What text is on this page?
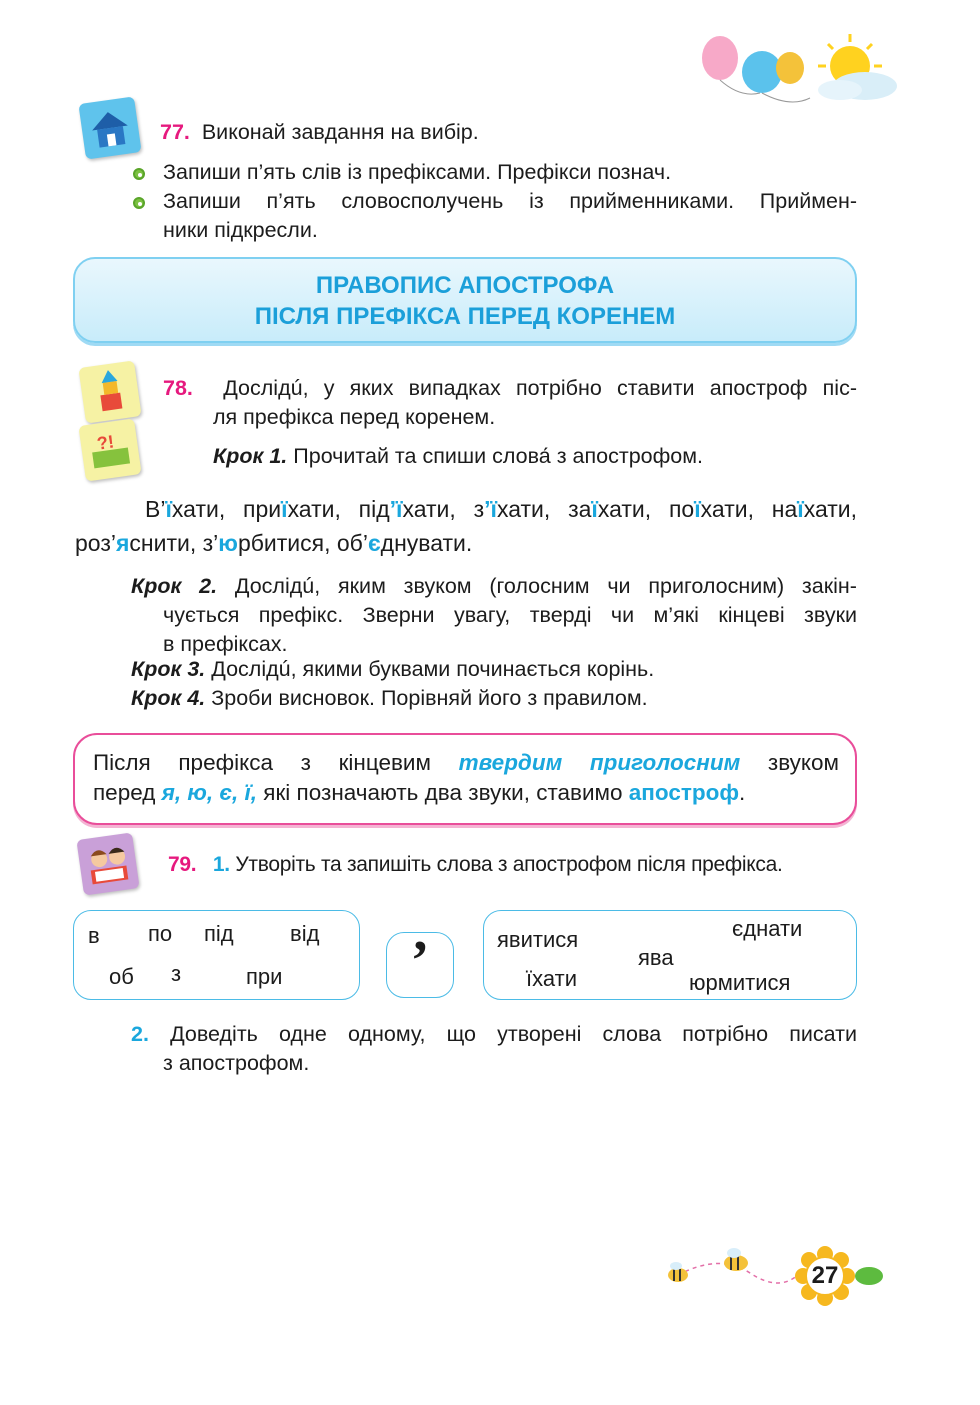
77. Виконай завдання на вибір.
Запиши п’ять слів із префіксами. Префікси познач.
Запиши п’ять словосполучень із прийменниками. Приймен-
ники підкресли.
ПРАВОПИС АПОСТРОФА
ПІСЛЯ ПРЕФІКСА ПЕРЕД КОРЕНЕМ
?!
78. Дослідú, у яких випадках потрібно ставити апостроф піс-
ля префікса перед коренем.
Крок 1. Прочитай та спиши слова́ з апострофом.
В’їхати, приїхати, під’їхати, з’їхати, заїхати, поїхати, наїхати, роз’яснити, з’юрбитися, об’єднувати.
Крок 2. Дослідú, яким звуком (голосним чи приголосним) закін-
чується префікс. Зверни увагу, тверді чи м’які кінцеві звуки
в префіксах.
Крок 3. Дослідú, якими буквами починається корінь.
Крок 4. Зроби висновок. Порівняй його з правилом.
Після префікса з кінцевим твердим приголосним звуком
перед я, ю, є, ї, які позначають два звуки, ставимо апостроф.
79. 1. Утворіть та запишіть слова з апострофом після префікса.
в по під	від
об з	при	’	явитися	єднати
ява
їхати	юрмитися
2. Доведіть одне одному, що утворені слова потрібно писати
з апострофом.
27
